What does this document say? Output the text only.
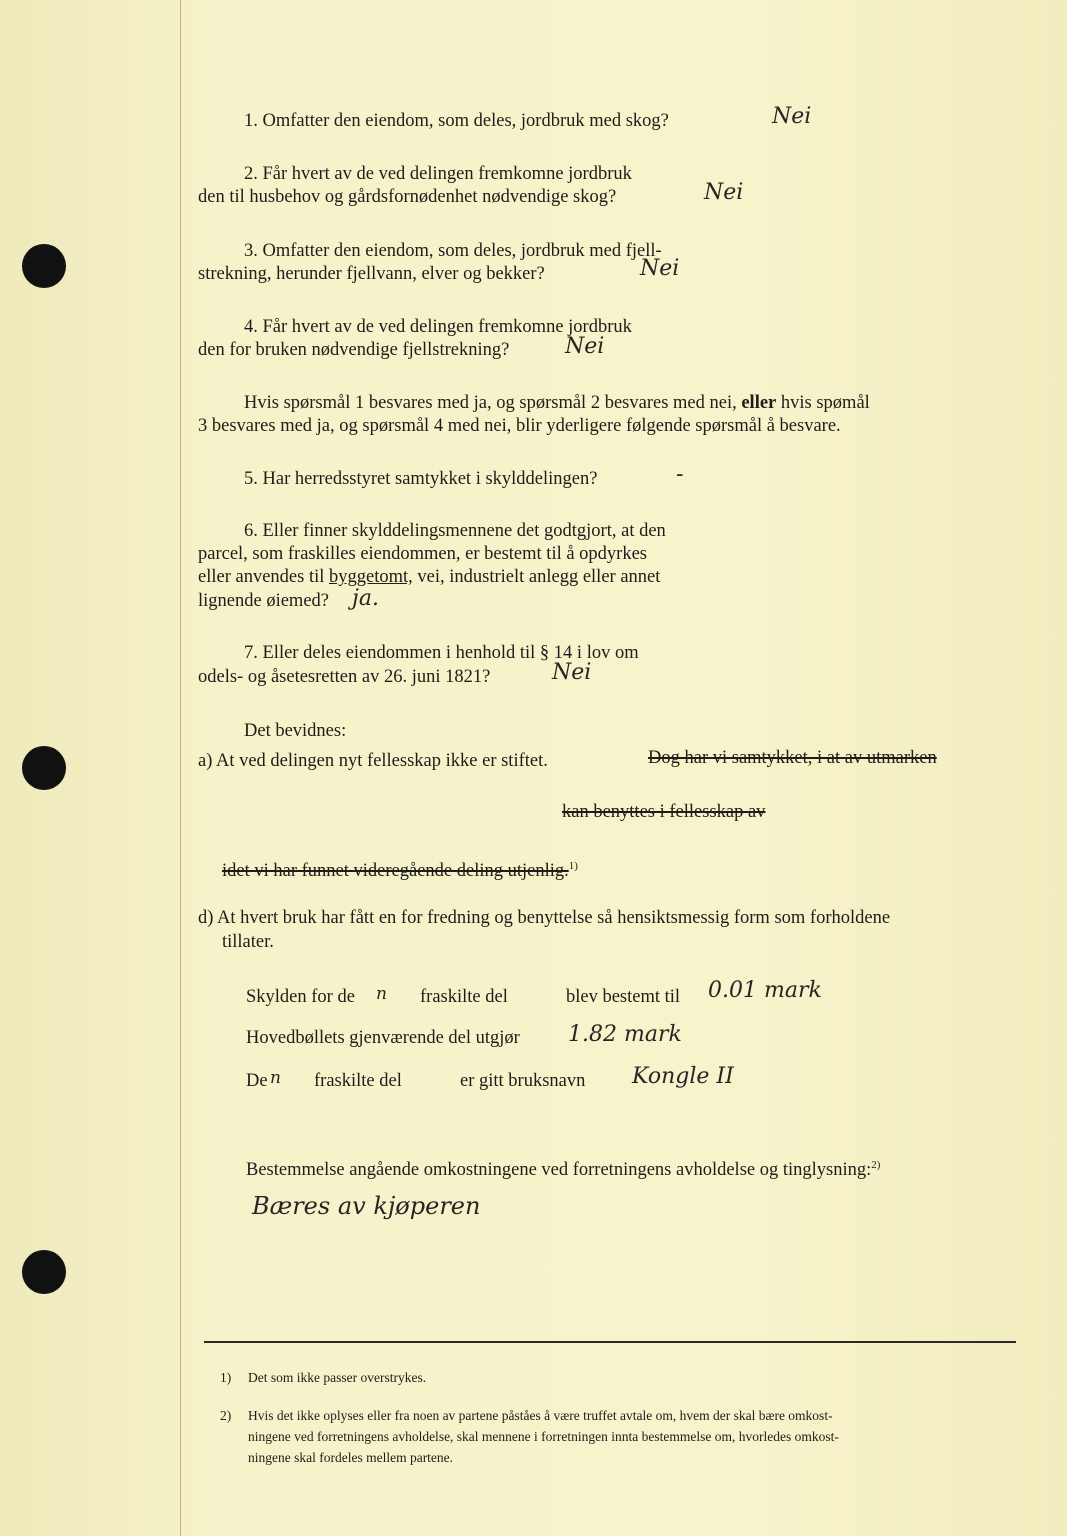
1. Omfatter den eiendom, som deles, jordbruk med skog?	Nei
2. Får hvert av de ved delingen fremkomne jordbruk
den til husbehov og gårdsfornødenhet nødvendige skog?	Nei
3. Omfatter den eiendom, som deles, jordbruk med fjell-
strekning, herunder fjellvann, elver og bekker?	Nei
4. Får hvert av de ved delingen fremkomne jordbruk
den for bruken nødvendige fjellstrekning?	Nei
Hvis spørsmål 1 besvares med ja, og spørsmål 2 besvares med nei, eller hvis spømål
3 besvares med ja, og spørsmål 4 med nei, blir yderligere følgende spørsmål å besvare.
5. Har herredsstyret samtykket i skylddelingen?	-
6. Eller finner skylddelingsmennene det godtgjort, at den
parcel, som fraskilles eiendommen, er bestemt til å opdyrkes
eller anvendes til byggetomt, vei, industrielt anlegg eller annet
lignende øiemed? ja.
7. Eller deles eiendommen i henhold til § 14 i lov om
odels- og åsetesretten av 26. juni 1821?	Nei
Det bevidnes:
a) At ved delingen nyt fellesskap ikke er stiftet.	Dog har vi samtykket, i at av utmarken
kan benyttes i fellesskap av
idet vi har funnet videregående deling utjenlig.$^{1)}$
d) At hvert bruk har fått en for fredning og benyttelse så hensiktsmessig form som forholdene
tillater.
Skylden for de n fraskilte del	blev bestemt til 0.01 mark
Hovedbøllets gjenværende del utgjør 1.82 mark
De n fraskilte del	er gitt bruksnavn Kongle II
Bestemmelse angående omkostningene ved forretningens avholdelse og tinglysning:$^{2)}$
Bæres av kjøperen
1) Det som ikke passer overstrykes.
2) Hvis det ikke oplyses eller fra noen av partene påståes å være truffet avtale om, hvem der skal bære omkost-
ningene ved forretningens avholdelse, skal mennene i forretningen innta bestemmelse om, hvorledes omkost-
ningene skal fordeles mellem partene.
